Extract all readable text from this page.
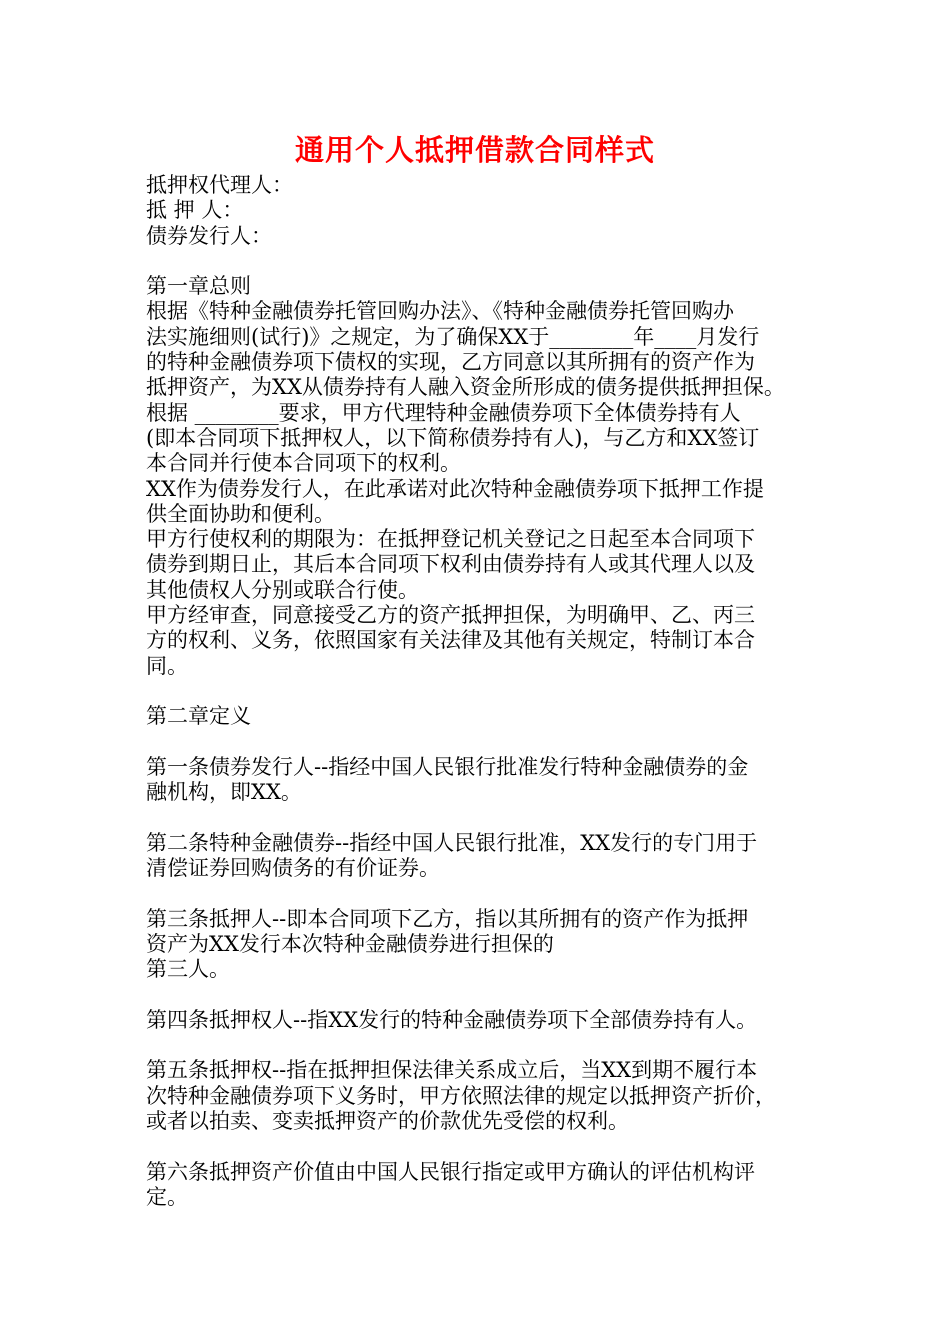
通用个人抵押借款合同样式
抵押权代理人：
抵 押 人：
债券发行人：
第一章总则
根据《特种金融债券托管回购办法》、《特种金融债券托管回购办
法实施细则(试行)》之规定，为了确保XX于________年____月发行
的特种金融债券项下债权的实现，乙方同意以其所拥有的资产作为
抵押资产，为XX从债券持有人融入资金所形成的债务提供抵押担保。
根据 ________要求，甲方代理特种金融债券项下全体债券持有人
(即本合同项下抵押权人，以下简称债券持有人)，与乙方和XX签订
本合同并行使本合同项下的权利。
XX作为债券发行人，在此承诺对此次特种金融债券项下抵押工作提
供全面协助和便利。
甲方行使权利的期限为：在抵押登记机关登记之日起至本合同项下
债券到期日止，其后本合同项下权利由债券持有人或其代理人以及
其他债权人分别或联合行使。
甲方经审查，同意接受乙方的资产抵押担保，为明确甲、乙、丙三
方的权利、义务，依照国家有关法律及其他有关规定，特制订本合
同。
第二章定义
第一条债券发行人--指经中国人民银行批准发行特种金融债券的金
融机构，即XX。
第二条特种金融债券--指经中国人民银行批准，XX发行的专门用于
清偿证券回购债务的有价证券。
第三条抵押人--即本合同项下乙方，指以其所拥有的资产作为抵押
资产为XX发行本次特种金融债券进行担保的
第三人。
第四条抵押权人--指XX发行的特种金融债券项下全部债券持有人。
第五条抵押权--指在抵押担保法律关系成立后，当XX到期不履行本
次特种金融债券项下义务时，甲方依照法律的规定以抵押资产折价，
或者以拍卖、变卖抵押资产的价款优先受偿的权利。
第六条抵押资产价值由中国人民银行指定或甲方确认的评估机构评
定。
